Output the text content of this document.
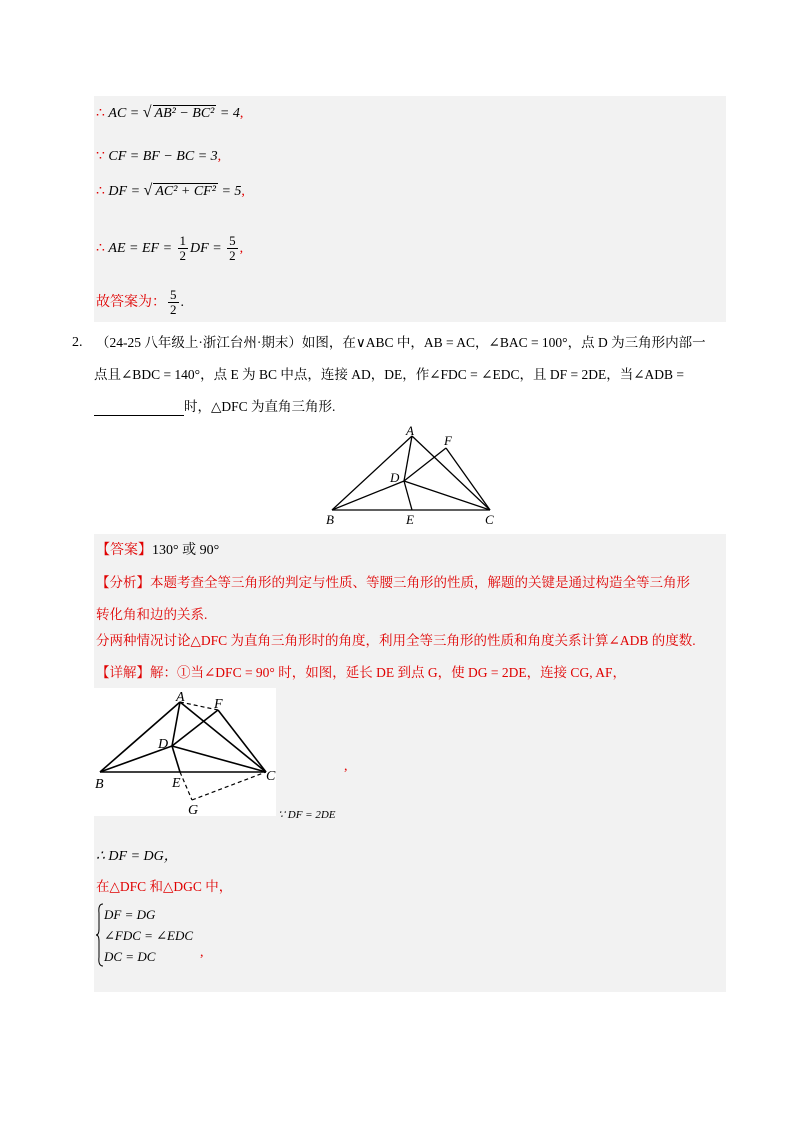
∴ AC = √ AB² − BC² = 4,
∵ CF = BF − BC = 3,
∴ DF = √ AC² + CF² = 5,
∴ AE = EF = $\frac{1}{2}$ DF = $\frac{5}{2}$ ,
故答案为： $\frac{5}{2}$ .
2. （24-25 八年级上·浙江台州·期末）如图，在∨ABC 中，AB = AC，∠BAC = 100°，点 D 为三角形内部一
点且∠BDC = 140°，点 E 为 BC 中点，连接 AD，DE，作∠FDC = ∠EDC，且 DF = 2DE，当∠ADB =
时，△DFC 为直角三角形.
A
F
D
B	E	C
【答案】130° 或 90°
【分析】本题考查全等三角形的判定与性质、等腰三角形的性质，解题的关键是通过构造全等三角形
转化角和边的关系.
分两种情况讨论△DFC 为直角三角形时的角度，利用全等三角形的性质和角度关系计算∠ADB 的度数.
【详解】解：①当∠DFC = 90° 时，如图，延长 DE 到点 G，使 DG = 2DE，连接 CG, AF，
A F
D
B	E	C
G
,
∵ DF = 2DE
∴ DF = DG，
在△DFC 和△DGC 中，
DF = DG
∠FDC = ∠EDC
DC = DC	,
